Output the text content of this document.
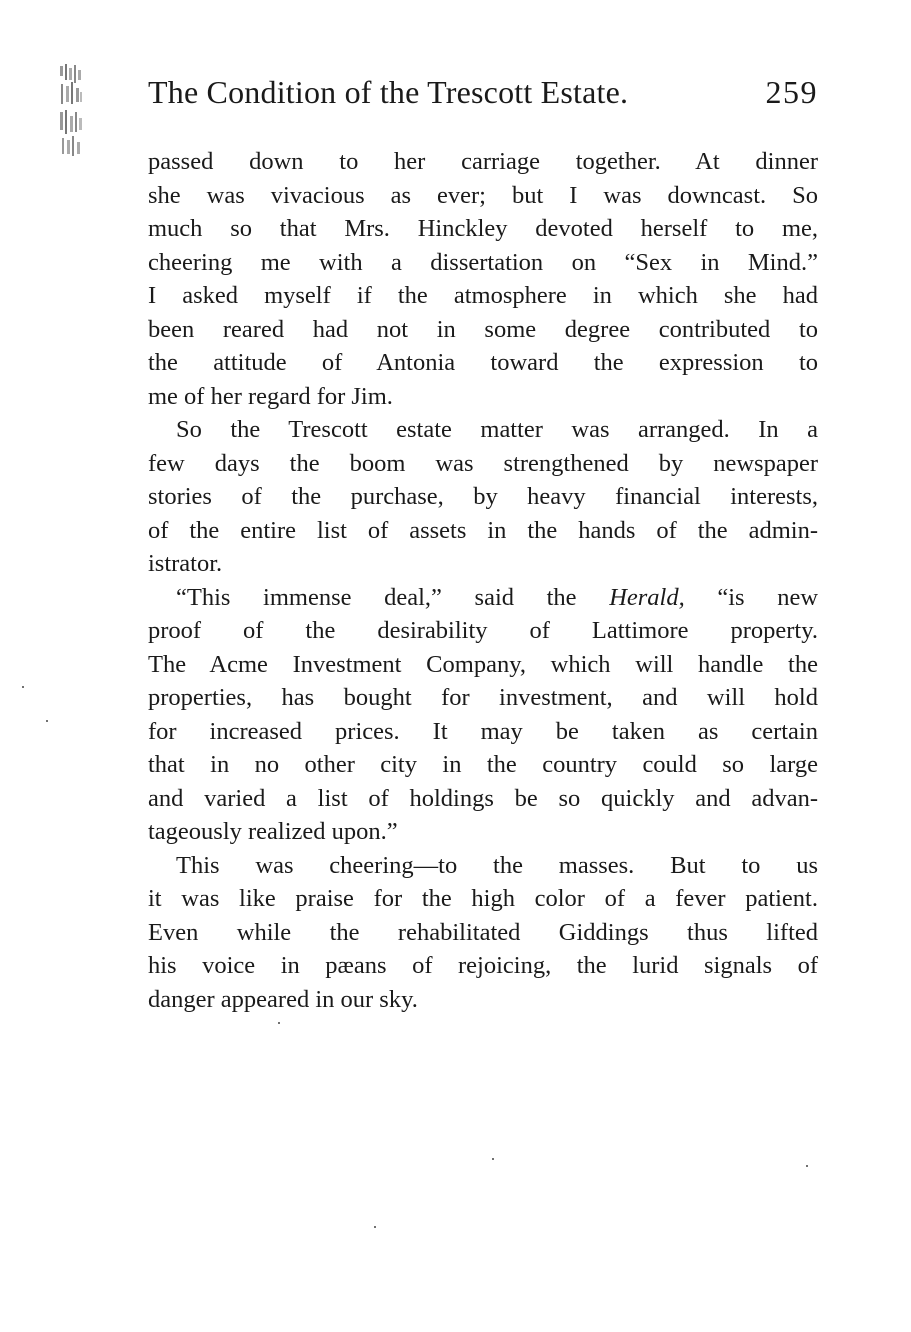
The Condition of the Trescott Estate.	259
passed down to her carriage together. At dinner
she was vivacious as ever; but I was downcast. So
much so that Mrs. Hinckley devoted herself to me,
cheering me with a dissertation on “Sex in Mind.”
I asked myself if the atmosphere in which she had
been reared had not in some degree contributed to
the attitude of Antonia toward the expression to
me of her regard for Jim.
So the Trescott estate matter was arranged. In a
few days the boom was strengthened by newspaper
stories of the purchase, by heavy financial interests,
of the entire list of assets in the hands of the admin-
istrator.
“This immense deal,” said the Herald, “is new
proof of the desirability of Lattimore property.
The Acme Investment Company, which will handle the
properties, has bought for investment, and will hold
for increased prices. It may be taken as certain
that in no other city in the country could so large
and varied a list of holdings be so quickly and advan-
tageously realized upon.”
This was cheering—to the masses. But to us
it was like praise for the high color of a fever patient.
Even while the rehabilitated Giddings thus lifted
his voice in pæans of rejoicing, the lurid signals of
danger appeared in our sky.
